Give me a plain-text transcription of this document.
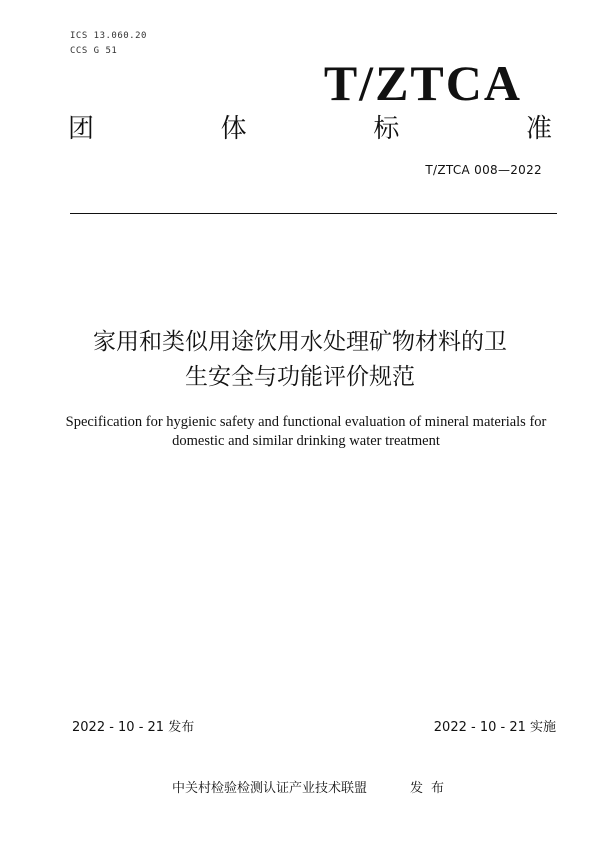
ICS 13.060.20
CCS G 51
T/ZTCA
团	体	标	准
T/ZTCA 008—2022
家用和类似用途饮用水处理矿物材料的卫
生安全与功能评价规范
Specification for hygienic safety and functional evaluation of mineral materials for
domestic and similar drinking water treatment
2022 - 10 - 21 发布	2022 - 10 - 21 实施
中关村检验检测认证产业技术联盟	发布
